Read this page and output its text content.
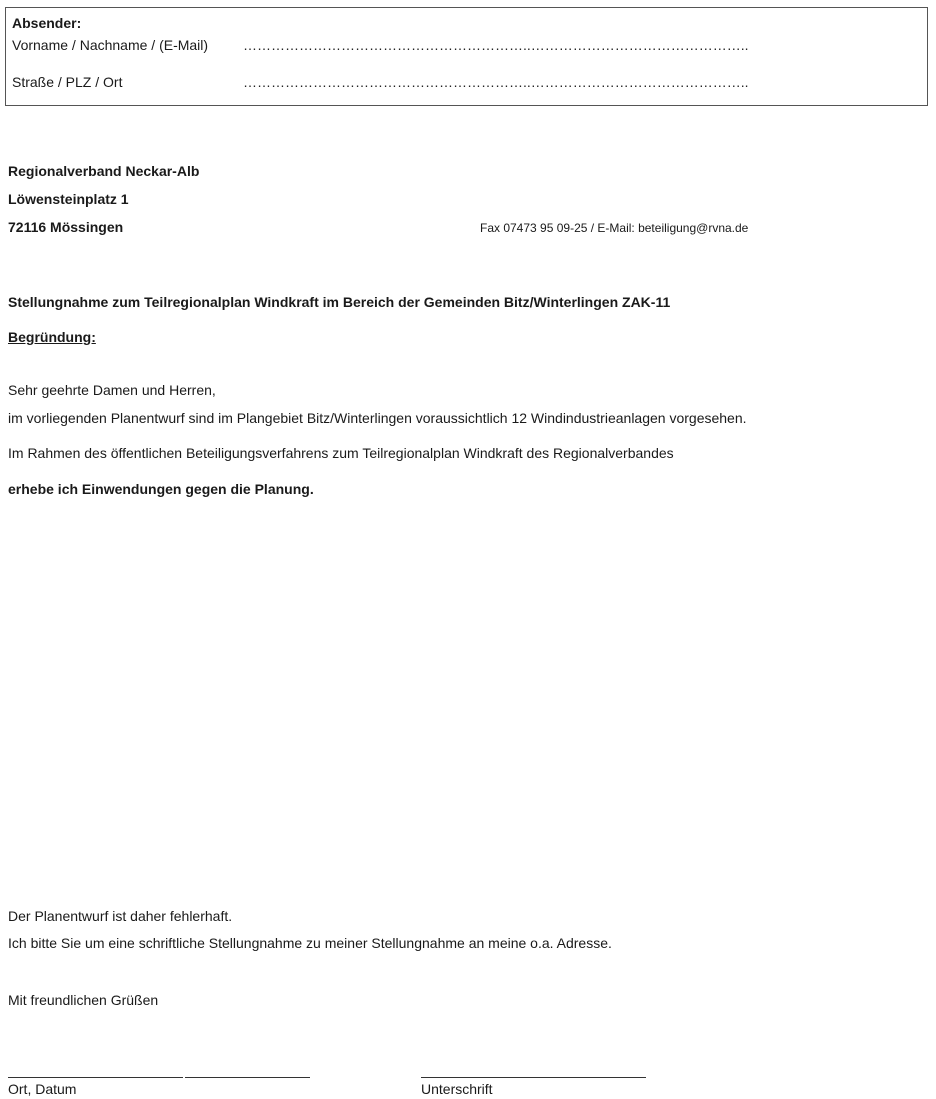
Absender:
Vorname / Nachname / (E-Mail) ……………………………………………………..………………………………………..
Straße / PLZ / Ort	……………………………………………………..………………………………………..
Regionalverband Neckar-Alb
Löwensteinplatz 1
72116 Mössingen	Fax 07473 95 09-25 / E-Mail: beteiligung@rvna.de
Stellungnahme zum Teilregionalplan Windkraft im Bereich der Gemeinden Bitz/Winterlingen ZAK-11
Begründung:
Sehr geehrte Damen und Herren,
im vorliegenden Planentwurf sind im Plangebiet Bitz/Winterlingen voraussichtlich 12 Windindustrieanlagen vorgesehen.
Im Rahmen des öffentlichen Beteiligungsverfahrens zum Teilregionalplan Windkraft des Regionalverbandes
erhebe ich Einwendungen gegen die Planung.
Der Planentwurf ist daher fehlerhaft.
Ich bitte Sie um eine schriftliche Stellungnahme zu meiner Stellungnahme an meine o.a. Adresse.
Mit freundlichen Grüßen
Ort, Datum	Unterschrift
